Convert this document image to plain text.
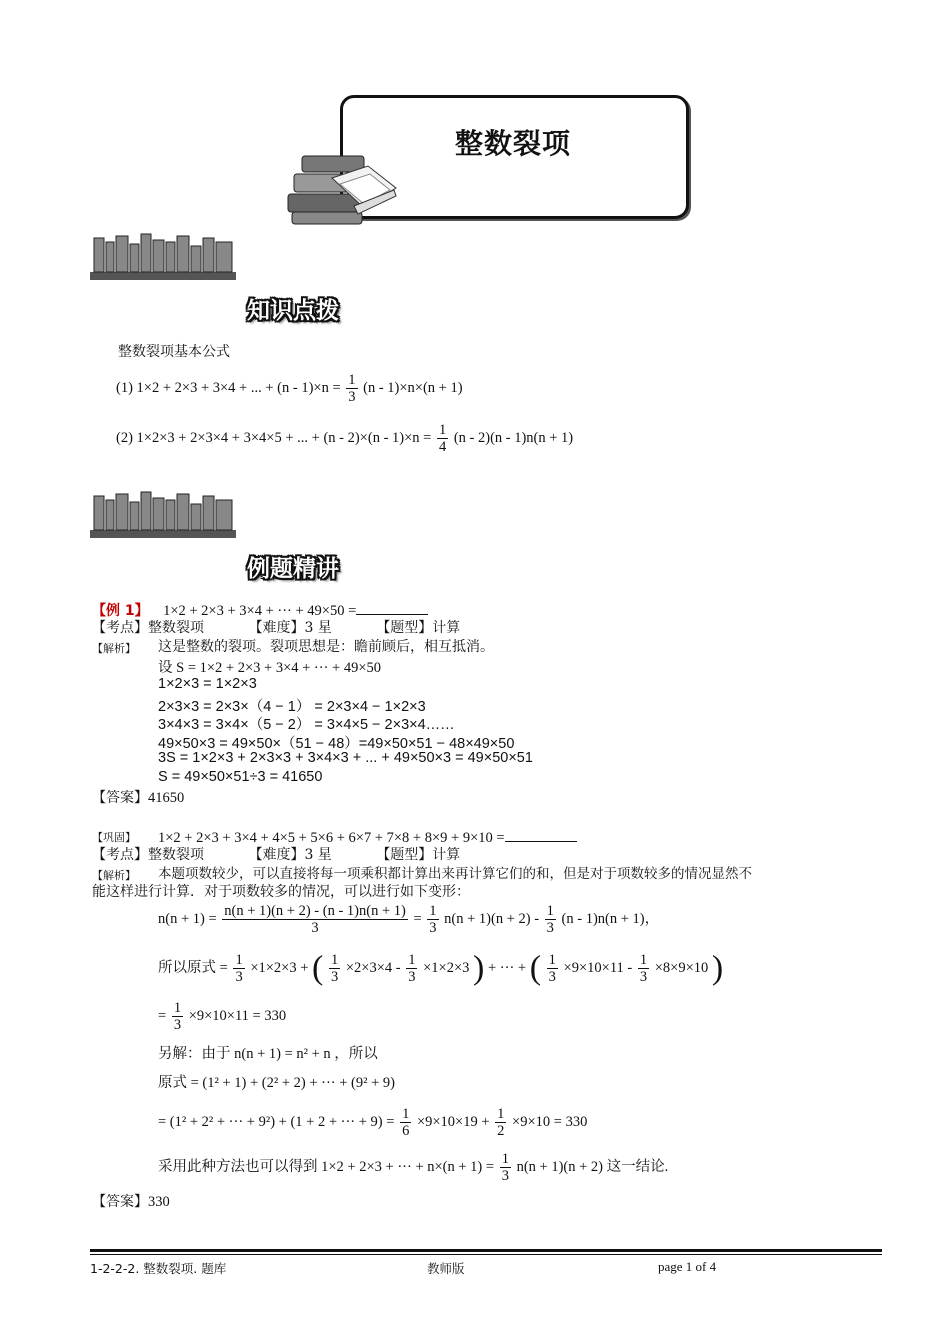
整数裂项
知识点拨
整数裂项基本公式
(1) 1×2 + 2×3 + 3×4 + ... + $(n - 1)\times n = \frac{1}{3} (n - 1)\times n\times(n + 1)$
(2) 1×2×3 + 2×3×4 + 3×4×5 + ... + $(n - 2)\times(n - 1)\times n = \frac{1}{4} (n - 2)(n - 1)n(n + 1)$
例题精讲
【例 1】 1×2 + 2×3 + 3×4 + ··· + 49×50 =
【考点】整数裂项	【难度】3 星	【题型】计算
【解析】 这是整数的裂项。裂项思想是：瞻前顾后，相互抵消。
设 S = 1×2 + 2×3 + 3×4 + ··· + 49×50
1×2×3 = 1×2×3
2×3×3 = 2×3×（4 − 1） = 2×3×4 − 1×2×3
3×4×3 = 3×4×（5 − 2） = 3×4×5 − 2×3×4……
49×50×3 = 49×50×（51 − 48）=49×50×51 − 48×49×50
3S = 1×2×3 + 2×3×3 + 3×4×3 + ... + 49×50×3 = 49×50×51
S = 49×50×51÷3 = 41650
【答案】41650
【巩固】 1×2 + 2×3 + 3×4 + 4×5 + 5×6 + 6×7 + 7×8 + 8×9 + 9×10 =
【考点】整数裂项	【难度】3 星	【题型】计算
【解析】 本题项数较少，可以直接将每一项乘积都计算出来再计算它们的和，但是对于项数较多的情况显然不
能这样进行计算．对于项数较多的情况，可以进行如下变形：
$n(n + 1) = \frac{n(n + 1)(n + 2) - (n - 1)n(n + 1)}{3} = \frac{1}{3} n(n + 1)(n + 2) - \frac{1}{3} (n - 1)n(n + 1)$，
所以原式 = $\frac{1}{3} \times 1\times 2\times 3$ + ( $\frac{1}{3} \times 2\times 3\times 4 - \frac{1}{3} \times 1\times 2\times 3$ ) + ··· + ( $\frac{1}{3} \times 9\times 10\times 11 - \frac{1}{3} \times 8\times 9\times 10$ )
= $\frac{1}{3} \times 9\times 10\times 11 = 330$
另解：由于 n(n + 1) = n² + n ，所以
原式 = (1² + 1) + (2² + 2) + ··· + (9² + 9)
= (1² + 2² + ··· + 9²) + (1 + 2 + ··· + $9) = \frac{1}{6} \times 9\times 10\times 19 + \frac{1}{2} \times 9\times 10 = 330$
采用此种方法也可以得到 1×2 + 2×3 + ··· + $n\times(n + 1) = \frac{1}{3} n(n + 1)(n + 2)$ 这一结论.
【答案】330
1-2-2-2. 整数裂项. 题库	教师版	page 1 of 4
